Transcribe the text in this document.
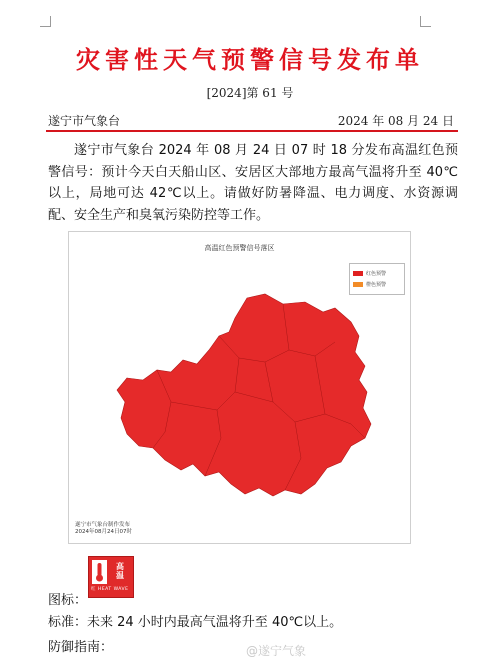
灾害性天气预警信号发布单
[2024]第 61 号
遂宁市气象台	2024 年 08 月 24 日

遂宁市气象台 2024 年 08 月 24 日 07 时 18 分发布高温红色预警信号：预计今天白天船山区、安居区大部地方最高气温将升至 40℃以上，局地可达 42℃以上。请做好防暑降温、电力调度、水资源调配、安全生产和臭氧污染防控等工作。

高温红色预警信号落区
红色预警
橙色预警
遂宁市气象台制作发布
2024年08月24日07时
图标：
高
温
红 HEAT WAVE
标准：未来 24 小时内最高气温将升至 40℃以上。
防御指南：	@遂宁气象
